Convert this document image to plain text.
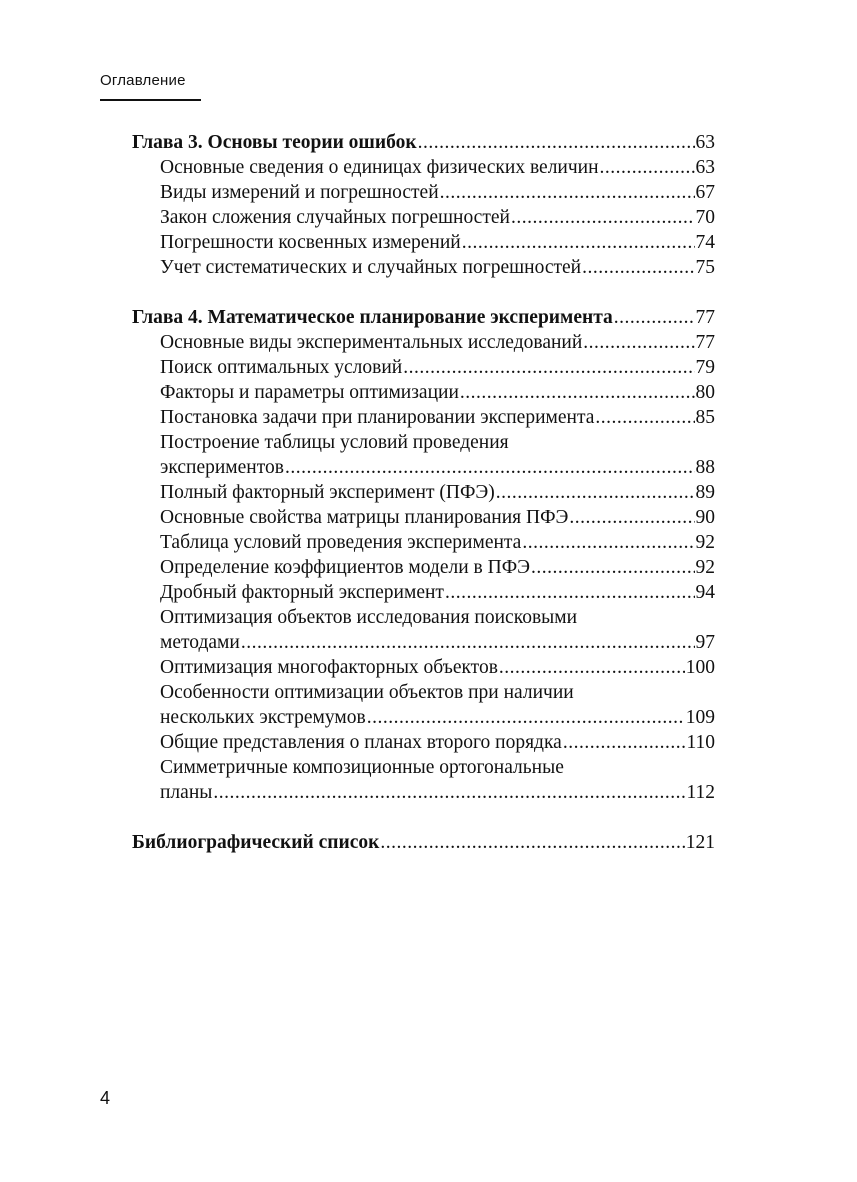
Оглавление
Глава 3. Основы теории ошибок .....	63
Основные сведения о единицах физических величин .....	63
Виды измерений и погрешностей .....	67
Закон сложения случайных погрешностей .....	70
Погрешности косвенных измерений .....	74
Учет систематических и случайных погрешностей .....	75
Глава 4. Математическое планирование эксперимента .....	77
Основные виды экспериментальных исследований .....	77
Поиск оптимальных условий .....	79
Факторы и параметры оптимизации .....	80
Постановка задачи при планировании эксперимента .....	85
Построение таблицы условий проведения
экспериментов .....	88
Полный факторный эксперимент (ПФЭ) .....	89
Основные свойства матрицы планирования ПФЭ .....	90
Таблица условий проведения эксперимента .....	92
Определение коэффициентов модели в ПФЭ .....	92
Дробный факторный эксперимент .....	94
Оптимизация объектов исследования поисковыми
методами .....	97
Оптимизация многофакторных объектов .....	100
Особенности оптимизации объектов при наличии
нескольких экстремумов .....	109
Общие представления о планах второго порядка .....	110
Симметричные композиционные ортогональные
планы .....	112
Библиографический список .....	121
4
